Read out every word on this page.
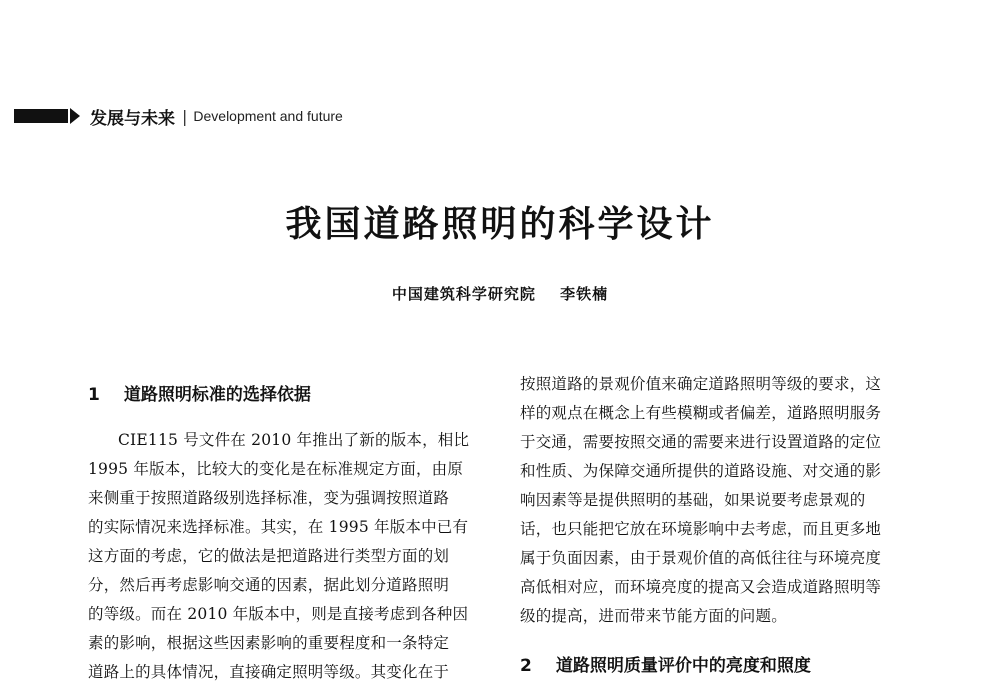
发展与未来 | Development and future
我国道路照明的科学设计
中国建筑科学研究院 李铁楠
1 道路照明标准的选择依据
CIE115 号文件在 2010 年推出了新的版本，相比
1995 年版本，比较大的变化是在标准规定方面，由原
来侧重于按照道路级别选择标准，变为强调按照道路
的实际情况来选择标准。其实，在 1995 年版本中已有
这方面的考虑，它的做法是把道路进行类型方面的划
分，然后再考虑影响交通的因素，据此划分道路照明
的等级。而在 2010 年版本中，则是直接考虑到各种因
素的影响，根据这些因素影响的重要程度和一条特定
道路上的具体情况，直接确定照明等级。其变化在于
按照道路的景观价值来确定道路照明等级的要求，这
样的观点在概念上有些模糊或者偏差，道路照明服务
于交通，需要按照交通的需要来进行设置道路的定位
和性质、为保障交通所提供的道路设施、对交通的影
响因素等是提供照明的基础，如果说要考虑景观的
话，也只能把它放在环境影响中去考虑，而且更多地
属于负面因素，由于景观价值的高低往往与环境亮度
高低相对应，而环境亮度的提高又会造成道路照明等
级的提高，进而带来节能方面的问题。
2 道路照明质量评价中的亮度和照度
